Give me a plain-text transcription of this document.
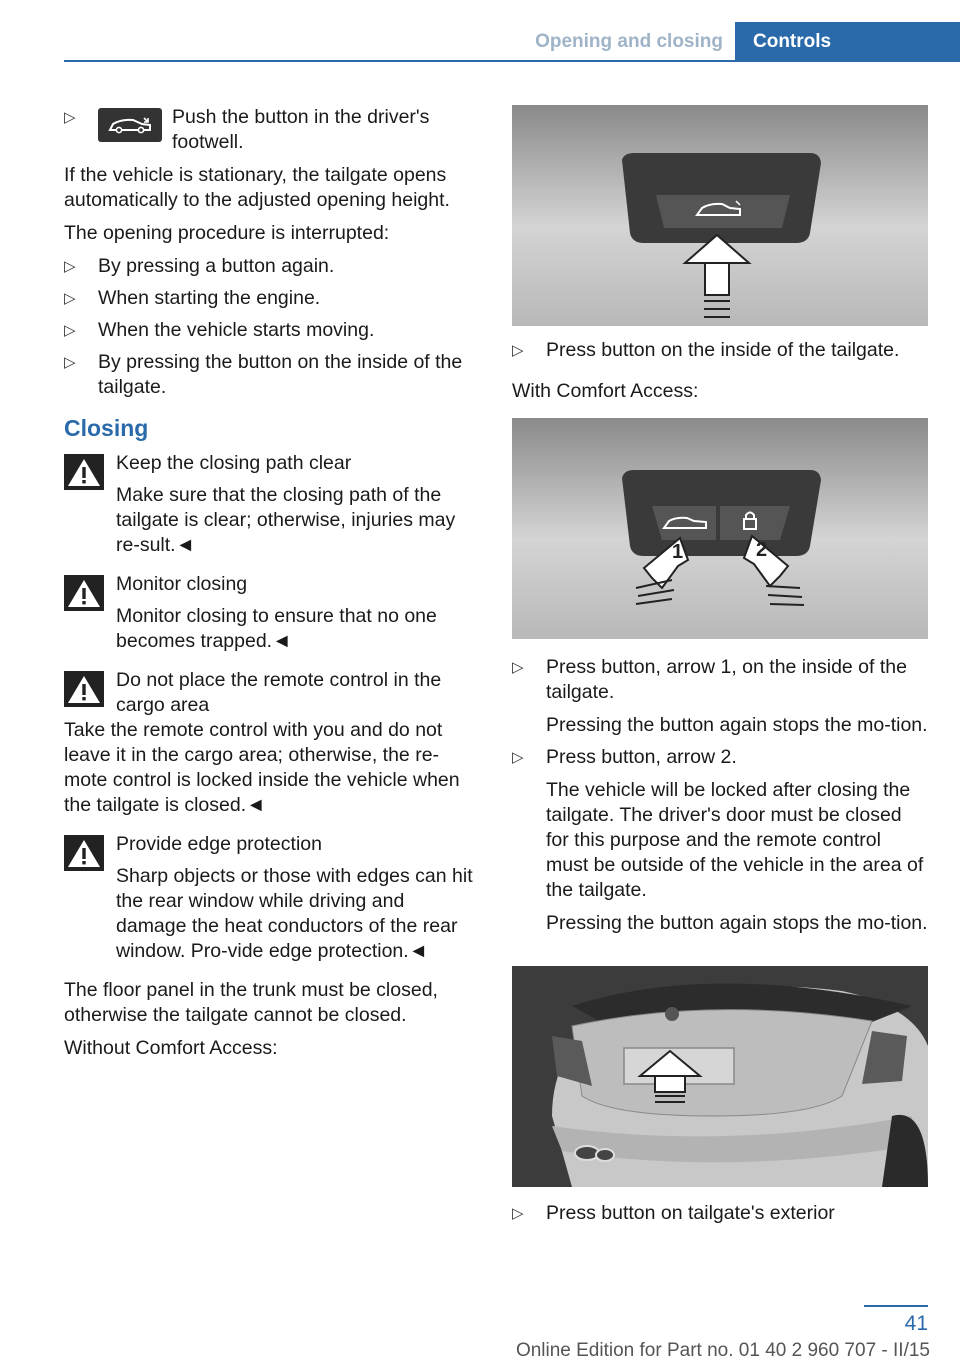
Opening and closing	Controls
▷	Push the button in the driver's footwell.

If the vehicle is stationary, the tailgate opens automatically to the adjusted opening height.

The opening procedure is interrupted:

▷ By pressing a button again.
▷ When starting the engine.
▷ When the vehicle starts moving.
▷ By pressing the button on the inside of the tailgate.
Closing
Keep the closing path clear
Make sure that the closing path of the tailgate is clear; otherwise, injuries may re-sult.◄
Monitor closing
Monitor closing to ensure that no one becomes trapped.◄
Do not place the remote control in the cargo area
Take the remote control with you and do not leave it in the cargo area; otherwise, the re-mote control is locked inside the vehicle when the tailgate is closed.◄
Provide edge protection
Sharp objects or those with edges can hit the rear window while driving and damage the heat conductors of the rear window. Pro-vide edge protection.◄

The floor panel in the trunk must be closed, otherwise the tailgate cannot be closed.

Without Comfort Access:

▷ Press button on the inside of the tailgate.

With Comfort Access:

1	2
▷ Press button, arrow 1, on the inside of the tailgate.
Pressing the button again stops the mo-tion.
▷ Press button, arrow 2.
The vehicle will be locked after closing the tailgate. The driver's door must be closed for this purpose and the remote control must be outside of the vehicle in the area of the tailgate.
Pressing the button again stops the mo-tion.
▷ Press button on tailgate's exterior
41
Online Edition for Part no. 01 40 2 960 707 - II/15
